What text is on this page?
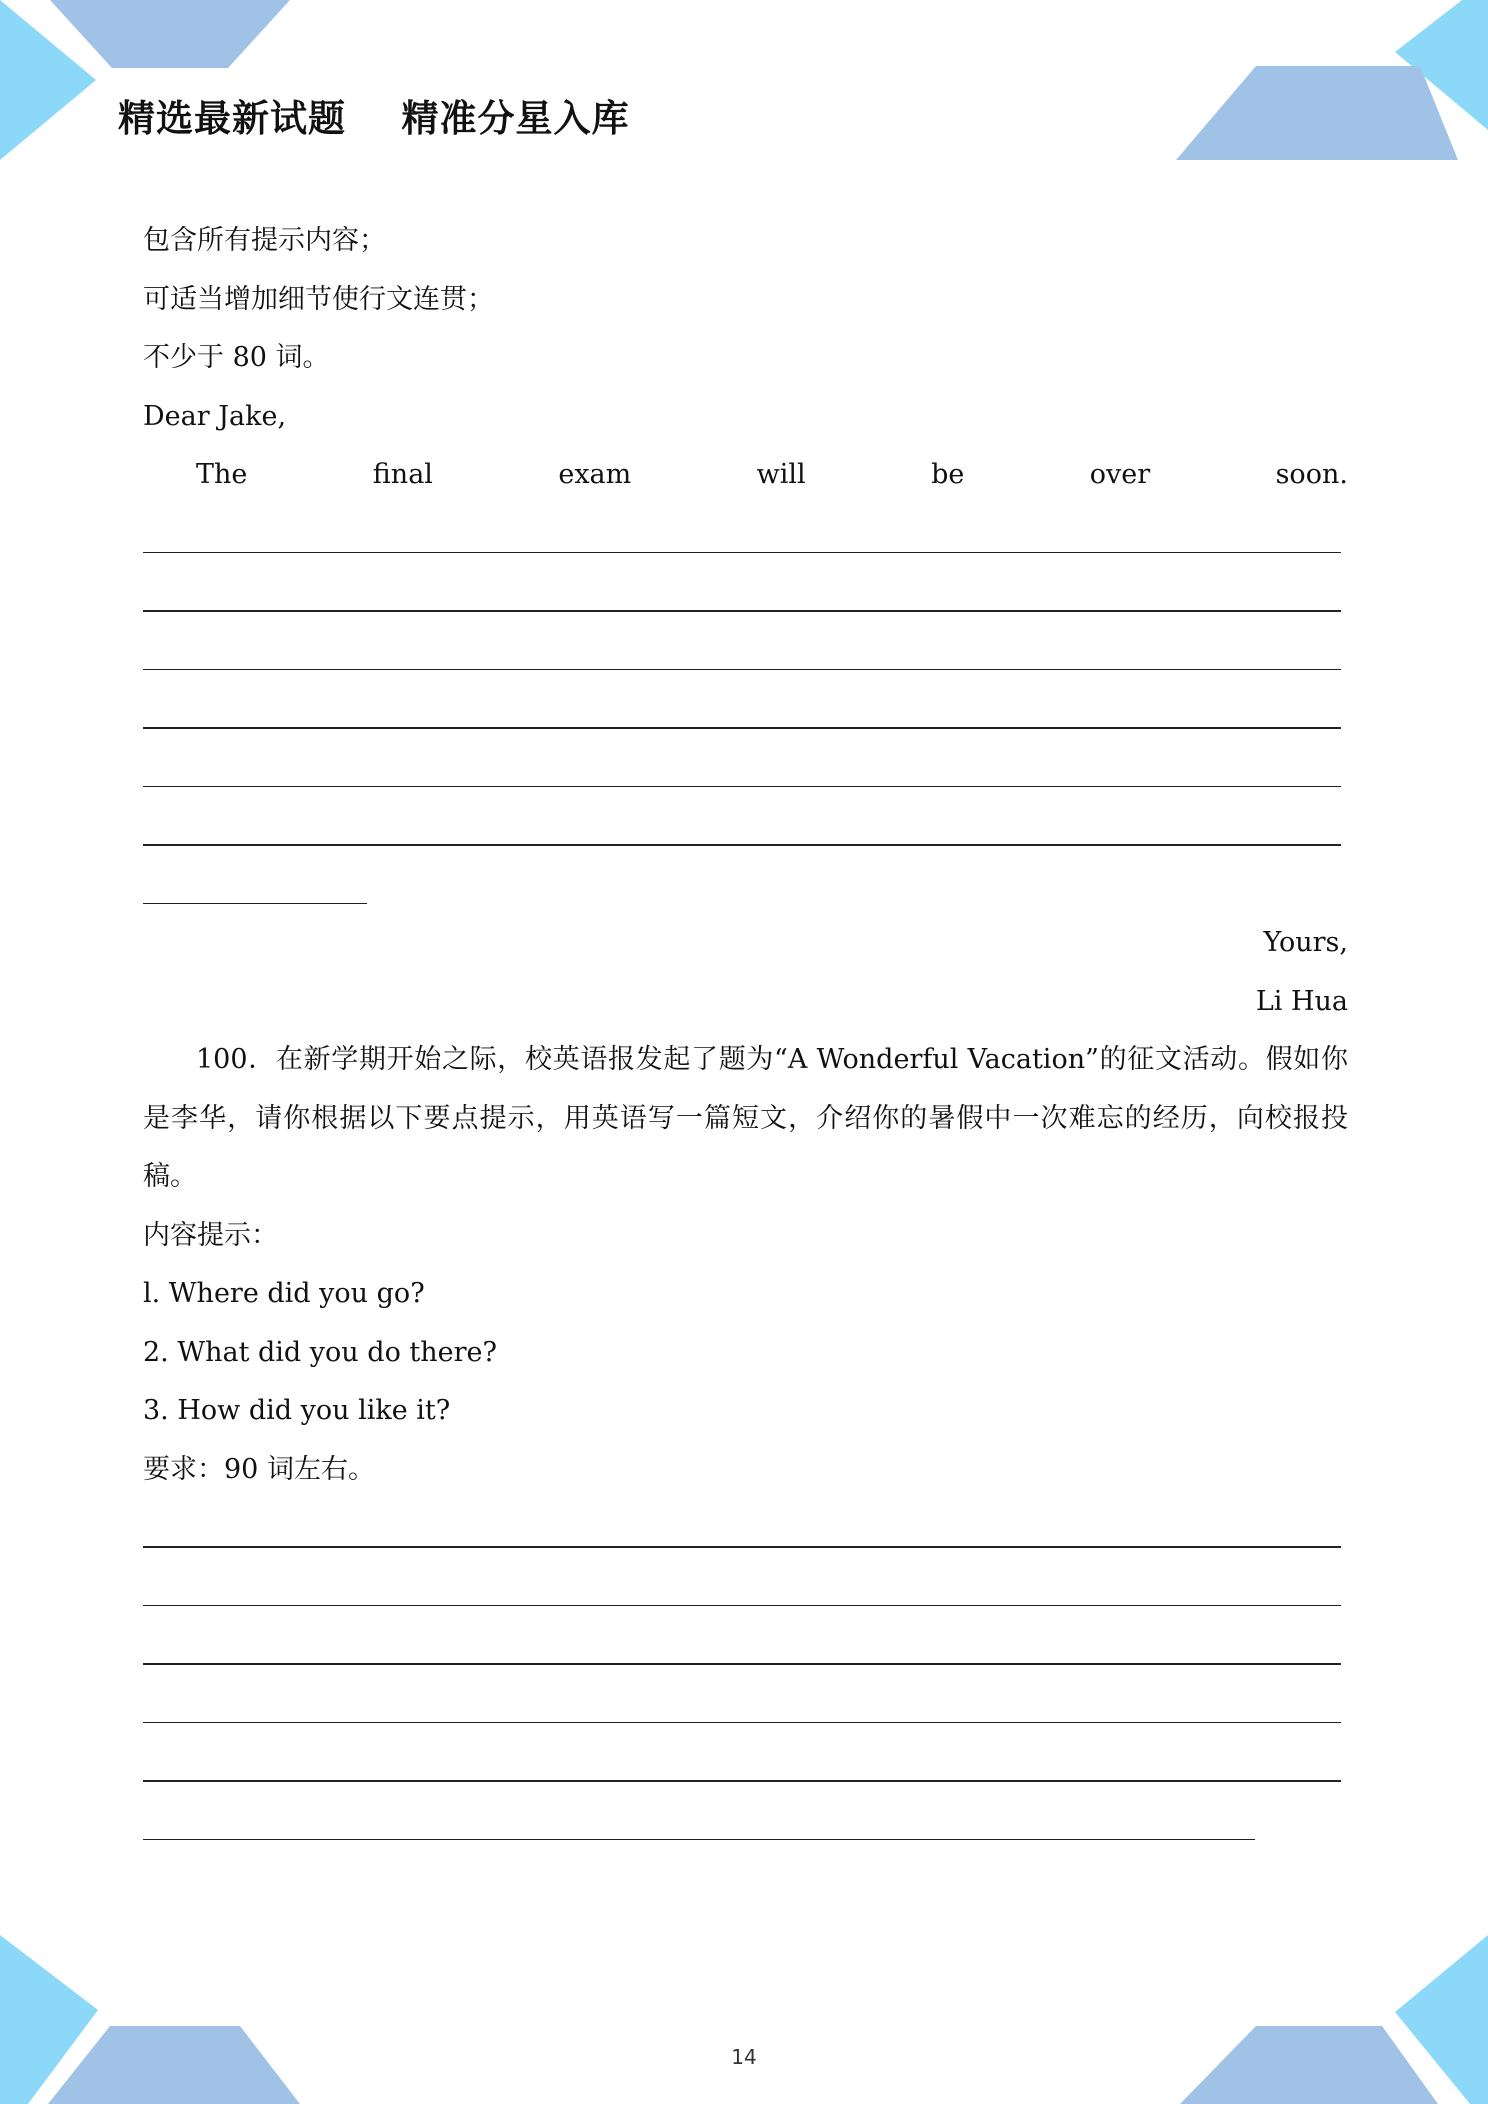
精选最新试题    精准分星入库
包含所有提示内容；
可适当增加细节使行文连贯；
不少于 80 词。
Dear Jake,
The	final	exam	will	be	over	soon.
Yours,
Li Hua
100．在新学期开始之际，校英语报发起了题为“A Wonderful Vacation”的征文活动。假如你是李华，请你根据以下要点提示，用英语写一篇短文，介绍你的暑假中一次难忘的经历，向校报投稿。
内容提示：
l. Where did you go?
2. What did you do there?
3. How did you like it?
要求：90 词左右。
14
